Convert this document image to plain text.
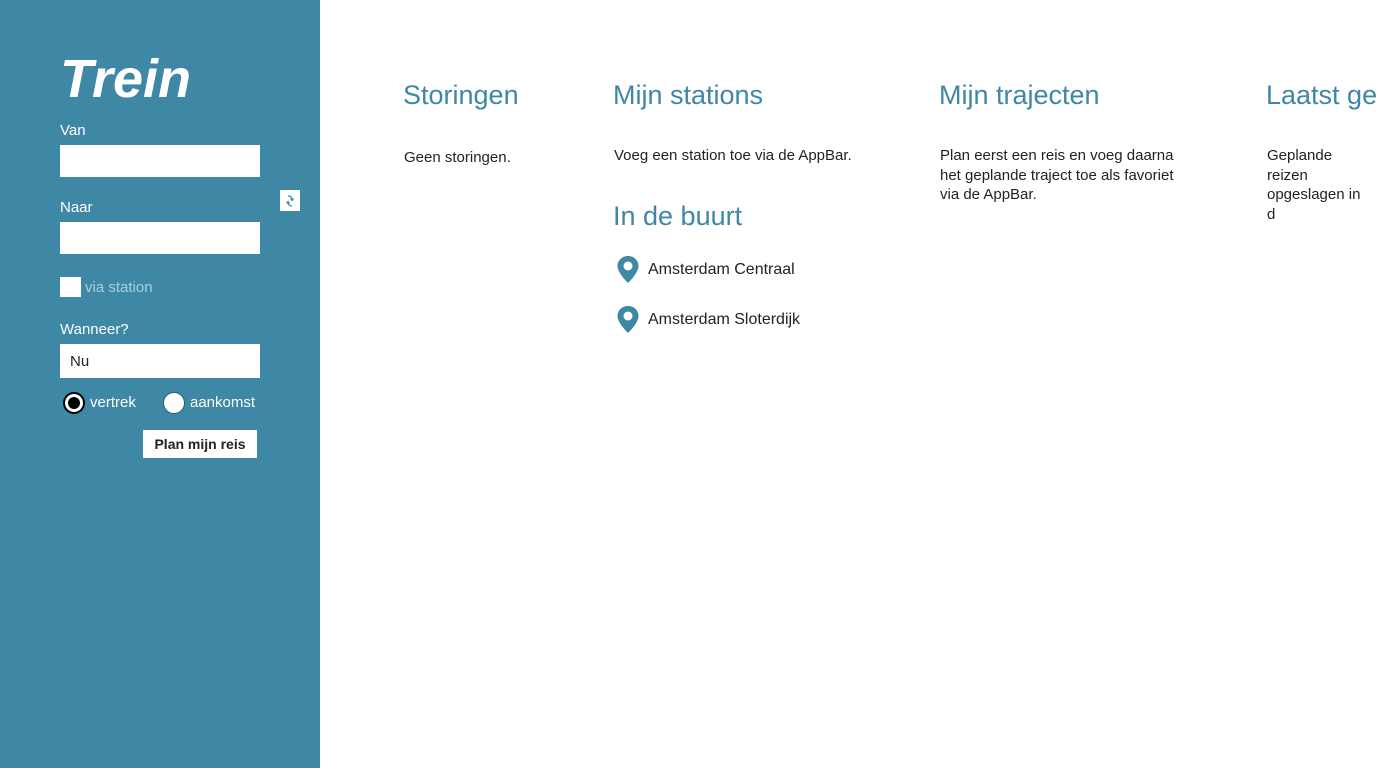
Trein
Van
Naar
via station
Wanneer?
Nu
vertrek	aankomst
Plan mijn reis
Storingen
Geen storingen.
Mijn stations
Voeg een station toe via de AppBar.
In de buurt
Amsterdam Centraal
Amsterdam Sloterdijk
Mijn trajecten
Plan eerst een reis en voeg daarna het geplande traject toe als favoriet via de AppBar.
Laatst ge
Geplande reizen opgeslagen in d
